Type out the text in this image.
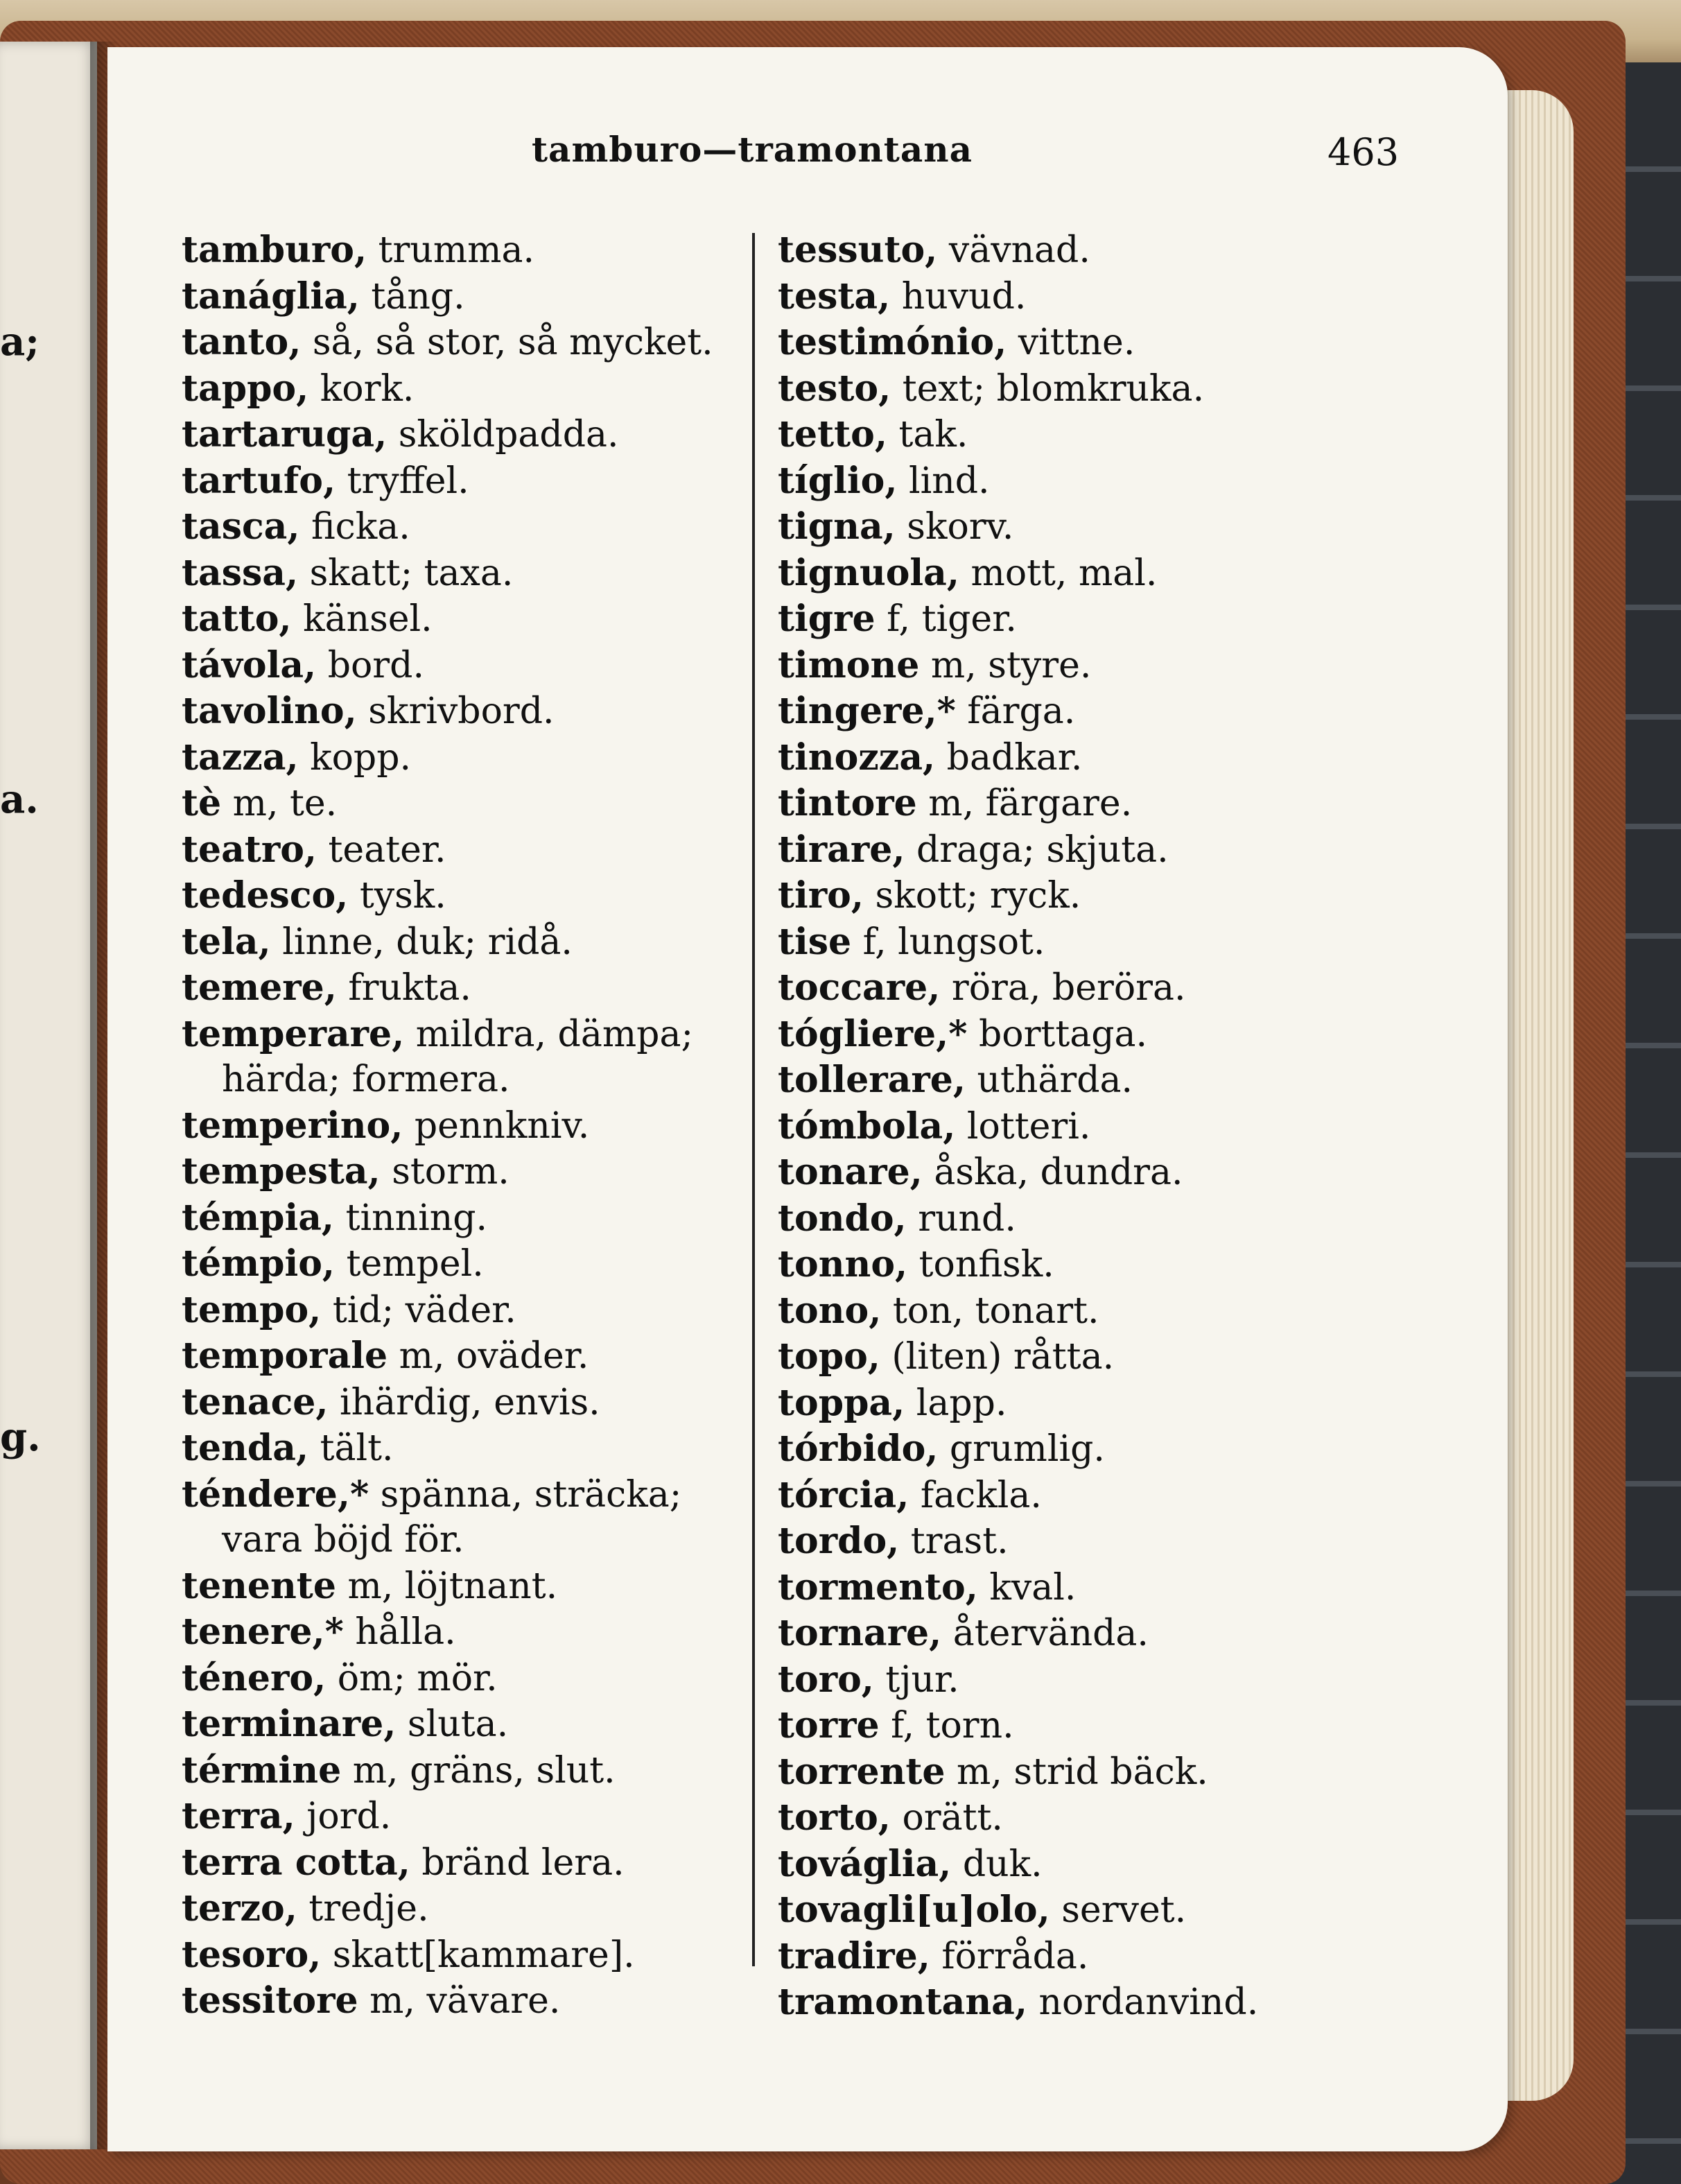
a;
a.
g.
tamburo—tramontana	463
tamburo, trumma.
tanáglia, tång.
tanto, så, så stor, så mycket.
tappo, kork.
tartaruga, sköldpadda.
tartufo, tryffel.
tasca, ficka.
tassa, skatt; taxa.
tatto, känsel.
távola, bord.
tavolino, skrivbord.
tazza, kopp.
tè m, te.
teatro, teater.
tedesco, tysk.
tela, linne, duk; ridå.
temere, frukta.
temperare, mildra, dämpa;
härda; formera.
temperino, pennkniv.
tempesta, storm.
témpia, tinning.
témpio, tempel.
tempo, tid; väder.
temporale m, oväder.
tenace, ihärdig, envis.
tenda, tält.
téndere,* spänna, sträcka;
vara böjd för.
tenente m, löjtnant.
tenere,* hålla.
ténero, öm; mör.
terminare, sluta.
términe m, gräns, slut.
terra, jord.
terra cotta, bränd lera.
terzo, tredje.
tesoro, skatt[kammare].
tessitore m, vävare.
tessuto, vävnad.
testa, huvud.
testimónio, vittne.
testo, text; blomkruka.
tetto, tak.
tíglio, lind.
tigna, skorv.
tignuola, mott, mal.
tigre f, tiger.
timone m, styre.
tingere,* färga.
tinozza, badkar.
tintore m, färgare.
tirare, draga; skjuta.
tiro, skott; ryck.
tise f, lungsot.
toccare, röra, beröra.
tógliere,* borttaga.
tollerare, uthärda.
tómbola, lotteri.
tonare, åska, dundra.
tondo, rund.
tonno, tonfisk.
tono, ton, tonart.
topo, (liten) råtta.
toppa, lapp.
tórbido, grumlig.
tórcia, fackla.
tordo, trast.
tormento, kval.
tornare, återvända.
toro, tjur.
torre f, torn.
torrente m, strid bäck.
torto, orätt.
továglia, duk.
tovagli[u]olo, servet.
tradire, förråda.
tramontana, nordanvind.
